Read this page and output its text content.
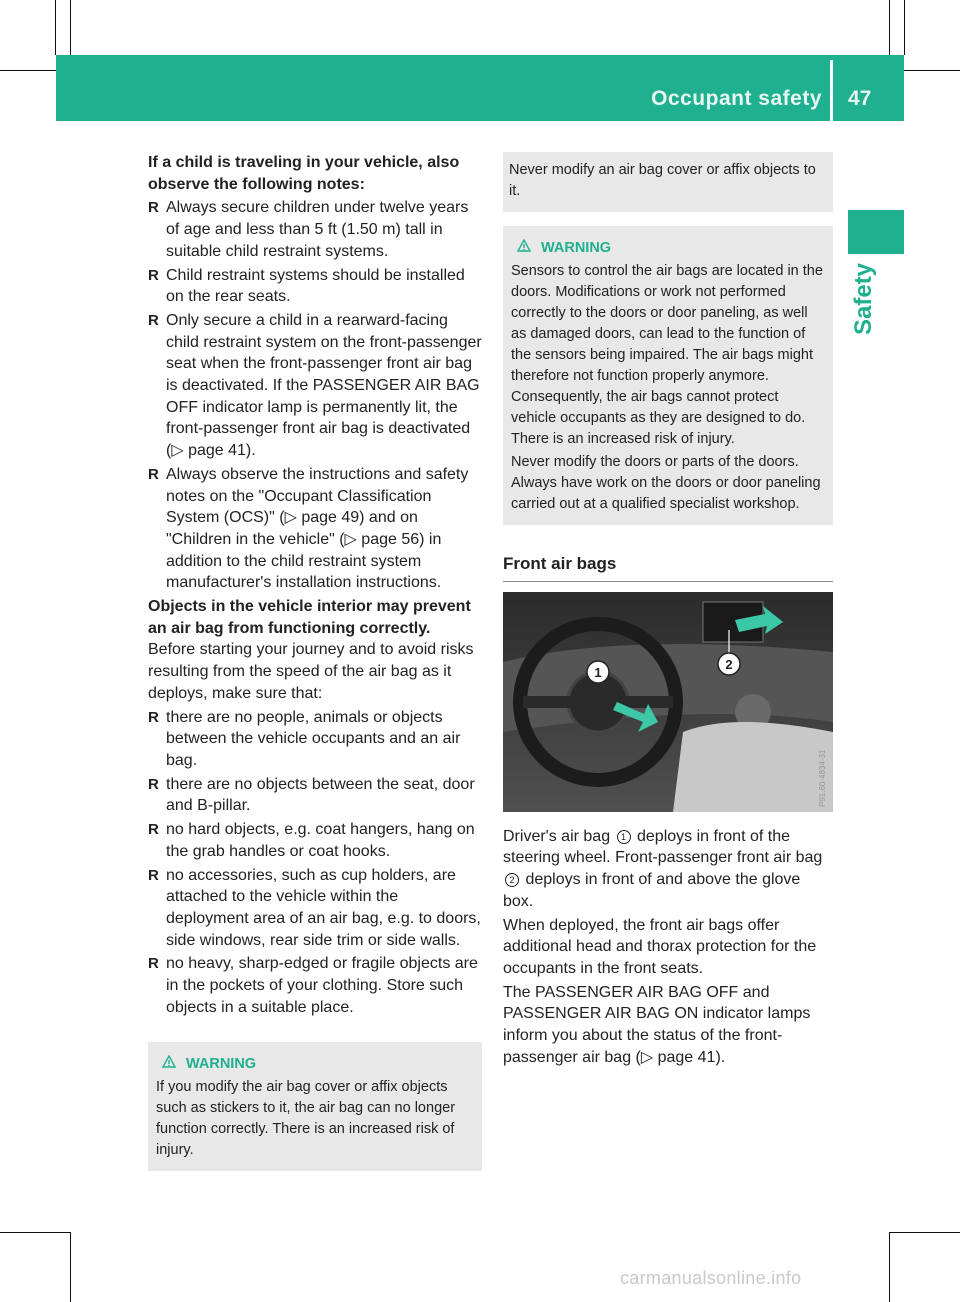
Occupant safety 47
Safety

If a child is traveling in your vehicle, also observe the following notes:

R Always secure children under twelve years of age and less than 5 ft (1.50 m) tall in suitable child restraint systems.
R Child restraint systems should be installed on the rear seats.
R Only secure a child in a rearward-facing child restraint system on the front-passenger seat when the front-passenger front air bag is deactivated. If the PASSENGER AIR BAG OFF indicator lamp is permanently lit, the front-passenger front air bag is deactivated (▷ page 41).
R Always observe the instructions and safety notes on the "Occupant Classification System (OCS)" (▷ page 49) and on "Children in the vehicle" (▷ page 56) in addition to the child restraint system manufacturer's installation instructions.

Objects in the vehicle interior may prevent an air bag from functioning correctly.

Before starting your journey and to avoid risks resulting from the speed of the air bag as it deploys, make sure that:

R there are no people, animals or objects between the vehicle occupants and an air bag.
R there are no objects between the seat, door and B-pillar.
R no hard objects, e.g. coat hangers, hang on the grab handles or coat hooks.
R no accessories, such as cup holders, are attached to the vehicle within the deployment area of an air bag, e.g. to doors, side windows, rear side trim or side walls.
R no heavy, sharp-edged or fragile objects are in the pockets of your clothing. Store such objects in a suitable place.
WARNING
If you modify the air bag cover or affix objects such as stickers to it, the air bag can no longer function correctly. There is an increased risk of injury.
Never modify an air bag cover or affix objects to it.
WARNING
Sensors to control the air bags are located in the doors. Modifications or work not performed correctly to the doors or door paneling, as well as damaged doors, can lead to the function of the sensors being impaired. The air bags might therefore not function properly anymore. Consequently, the air bags cannot protect vehicle occupants as they are designed to do. There is an increased risk of injury.
Never modify the doors or parts of the doors. Always have work on the doors or door paneling carried out at a qualified specialist workshop.
Front air bags
1
2
P91.60-4834-31

Driver's air bag 1 deploys in front of the steering wheel. Front-passenger front air bag 2 deploys in front of and above the glove box.

When deployed, the front air bags offer additional head and thorax protection for the occupants in the front seats.

The PASSENGER AIR BAG OFF and PASSENGER AIR BAG ON indicator lamps inform you about the status of the front-passenger air bag (▷ page 41).

carmanualsonline.info
